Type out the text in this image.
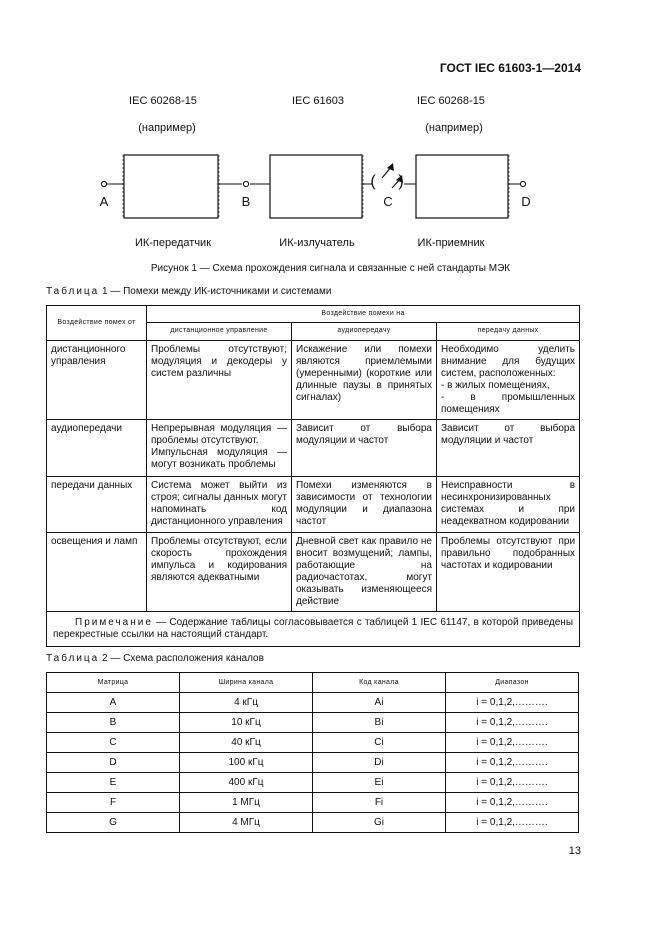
ГОСТ IEC 61603-1—2014
IEC 60268-15	IEC 61603	IEC 60268-15
(например)	(например)
A	B	C	D
( )
ИК-передатчик	ИК-излучатель	ИК-приемник
Рисунок 1 — Схема прохождения сигнала и связанные с ней стандарты МЭК
Таблица 1 — Помехи между ИК-источниками и системами
Воздействие помех от	Воздействие помехи на		
	дистанционное управление	аудиопередачу	передачу данных
дистанционного управления	Проблемы отсутствуют; модуляция и декодеры у систем различны	Искажение или помехи являются приемлемыми (умеренными) (короткие или длинные паузы в принятых сигналах)	Необходимо уделить внимание для будущих систем, расположенных:
- в жилых помещениях,
- в промышленных помещениях

аудиопередачи	Непрерывная модуляция — проблемы отсутствуют.
Импульсная модуляция — могут возникать проблемы	Зависит от выбора модуляции и частот	Зависит от выбора модуляции и частот
передачи данных	Система может выйти из строя; сигналы данных могут напоминать код дистанционного управления	Помехи изменяются в зависимости от технологии модуляции и диапазона частот	Неисправности в несинхронизированных системах и при неадекватном кодировании
освещения и ламп	Проблемы отсутствуют, если скорость прохождения импульса и кодирования являются адекватными	Дневной свет как правило не вносит возмущений; лампы, работающие на радиочастотах, могут оказывать изменяющееся действие	Проблемы отсутствуют при правильно подобранных частотах и кодировании
Примечание — Содержание таблицы согласовывается с таблицей 1 IEC 61147, в которой приведены перекрестные ссылки на настоящий стандарт.			
Таблица 2 — Схема расположения каналов
Матрица	Ширина канала	Код канала	Диапазон
A	4 кГц	Ai	i = 0,1,2,……….
B	10 кГц	Bi	i = 0,1,2,……….
C	40 кГц	Ci	i = 0,1,2,……….
D	100 кГц	Di	i = 0,1,2,……….
E	400 кГц	Ei	i = 0,1,2,……….
F	1 МГц	Fi	i = 0,1,2,……….
G	4 МГц	Gi	i = 0,1,2,……….
13
